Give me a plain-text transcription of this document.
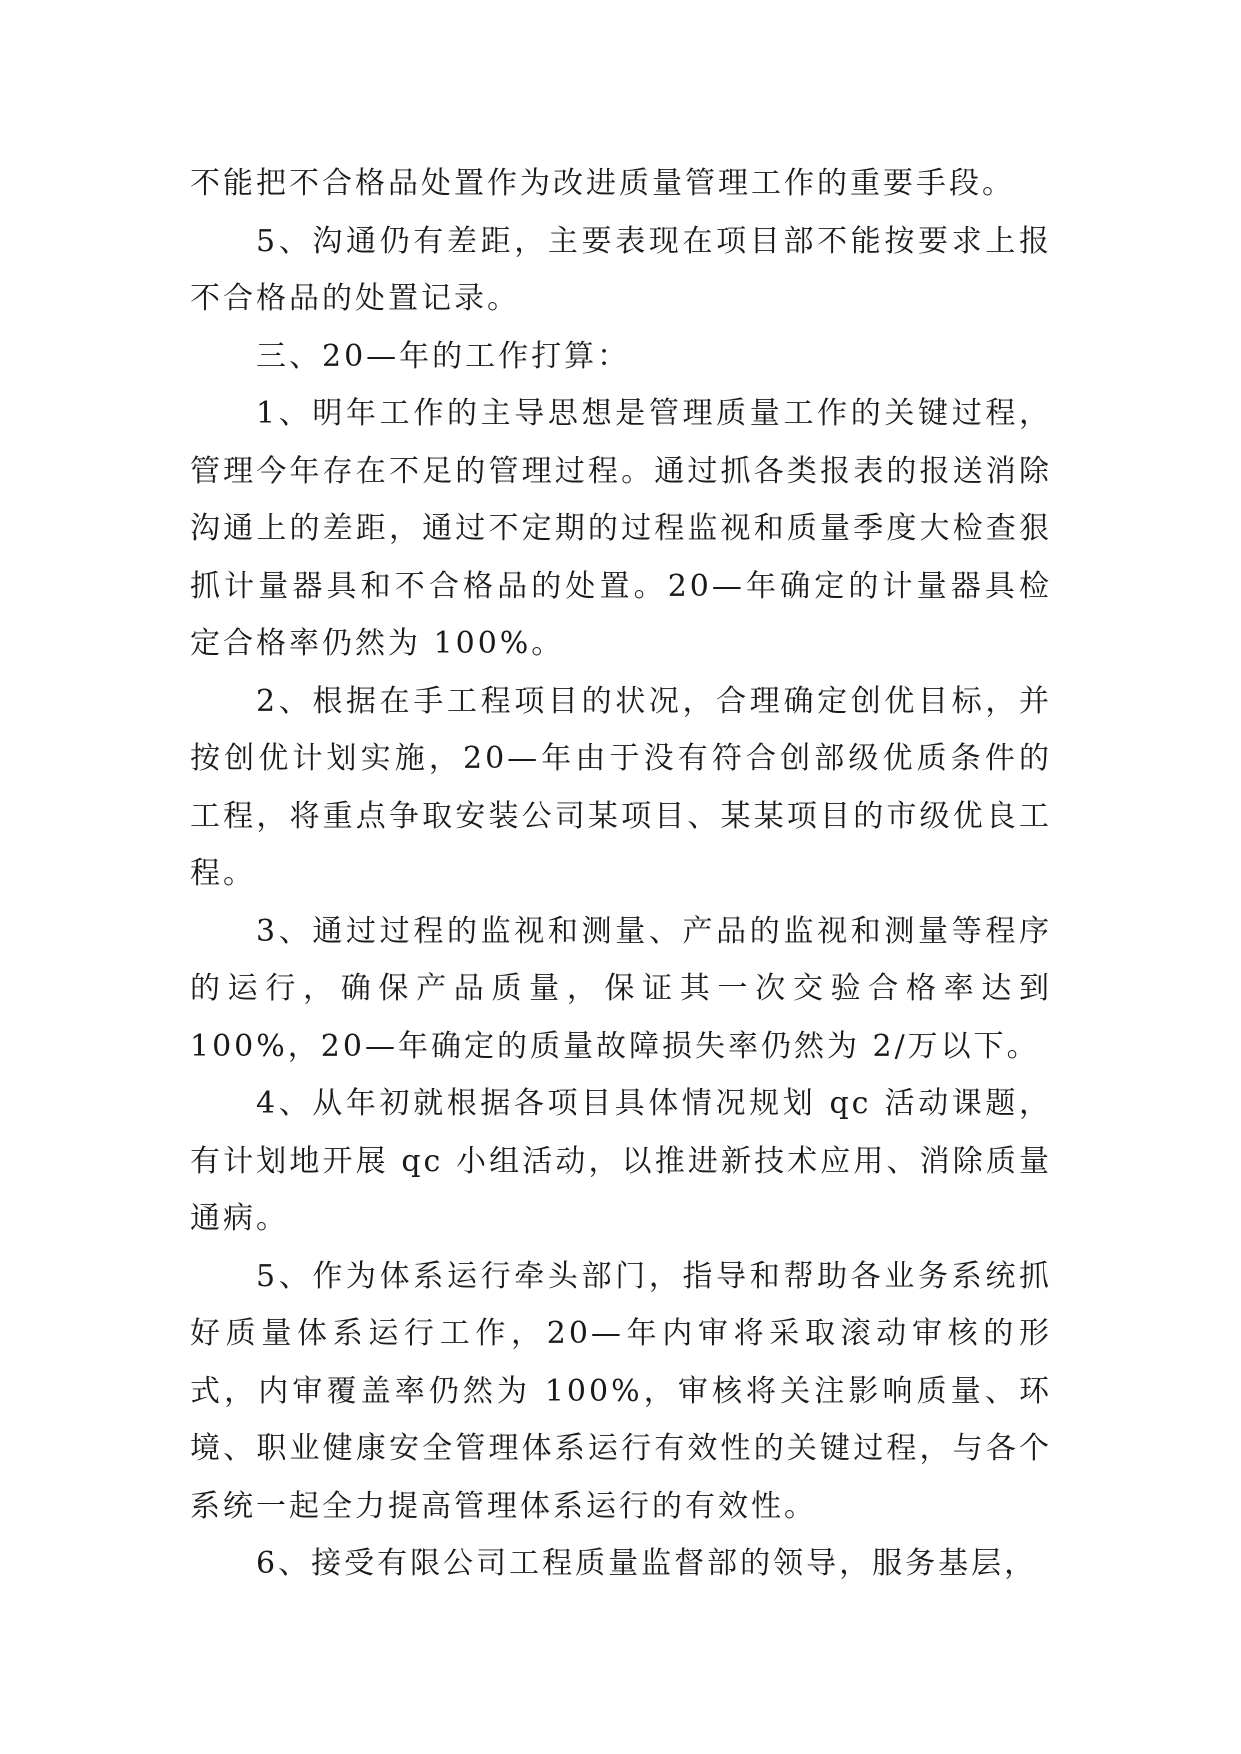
不能把不合格品处置作为改进质量管理工作的重要手段。

5、沟通仍有差距，主要表现在项目部不能按要求上报不合格品的处置记录。

三、20—年的工作打算：

1、明年工作的主导思想是管理质量工作的关键过程，管理今年存在不足的管理过程。通过抓各类报表的报送消除沟通上的差距，通过不定期的过程监视和质量季度大检查狠抓计量器具和不合格品的处置。20—年确定的计量器具检定合格率仍然为 100%。

2、根据在手工程项目的状况，合理确定创优目标，并按创优计划实施，20—年由于没有符合创部级优质条件的工程，将重点争取安装公司某项目、某某项目的市级优良工程。

3、通过过程的监视和测量、产品的监视和测量等程序的运行，确保产品质量，保证其一次交验合格率达到 100%，20—年确定的质量故障损失率仍然为 2/万以下。

4、从年初就根据各项目具体情况规划 qc 活动课题，有计划地开展 qc 小组活动，以推进新技术应用、消除质量通病。

5、作为体系运行牵头部门，指导和帮助各业务系统抓好质量体系运行工作，20—年内审将采取滚动审核的形式，内审覆盖率仍然为 100%，审核将关注影响质量、环境、职业健康安全管理体系运行有效性的关键过程，与各个系统一起全力提高管理体系运行的有效性。

6、接受有限公司工程质量监督部的领导，服务基层，
